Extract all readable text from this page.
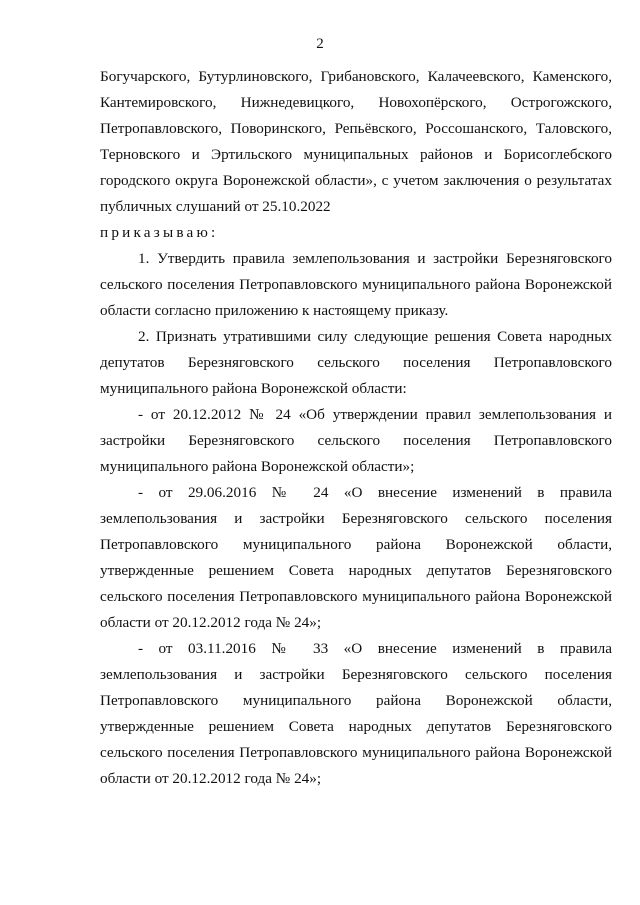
2

Богучарского, Бутурлиновского, Грибановского, Калачеевского, Каменского, Кантемировского, Нижнедевицкого, Новохопёрского, Острогожского, Петропавловского, Поворинского, Репьёвского, Россошанского, Таловского, Терновского и Эртильского муниципальных районов и Борисоглебского городского округа Воронежской области», с учетом заключения о результатах публичных слушаний от 25.10.2022

приказываю:

1. Утвердить правила землепользования и застройки Березняговского сельского поселения Петропавловского муниципального района Воронежской области согласно приложению к настоящему приказу.

2. Признать утратившими силу следующие решения Совета народных депутатов Березняговского сельского поселения Петропавловского муниципального района Воронежской области:

- от 20.12.2012 № 24 «Об утверждении правил землепользования и застройки Березняговского сельского поселения Петропавловского муниципального района Воронежской области»;

- от 29.06.2016 № 24 «О внесение изменений в правила землепользования и застройки Березняговского сельского поселения Петропавловского муниципального района Воронежской области, утвержденные решением Совета народных депутатов Березняговского сельского поселения Петропавловского муниципального района Воронежской области от 20.12.2012 года № 24»;

- от 03.11.2016 № 33 «О внесение изменений в правила землепользования и застройки Березняговского сельского поселения Петропавловского муниципального района Воронежской области, утвержденные решением Совета народных депутатов Березняговского сельского поселения Петропавловского муниципального района Воронежской области от 20.12.2012 года № 24»;
